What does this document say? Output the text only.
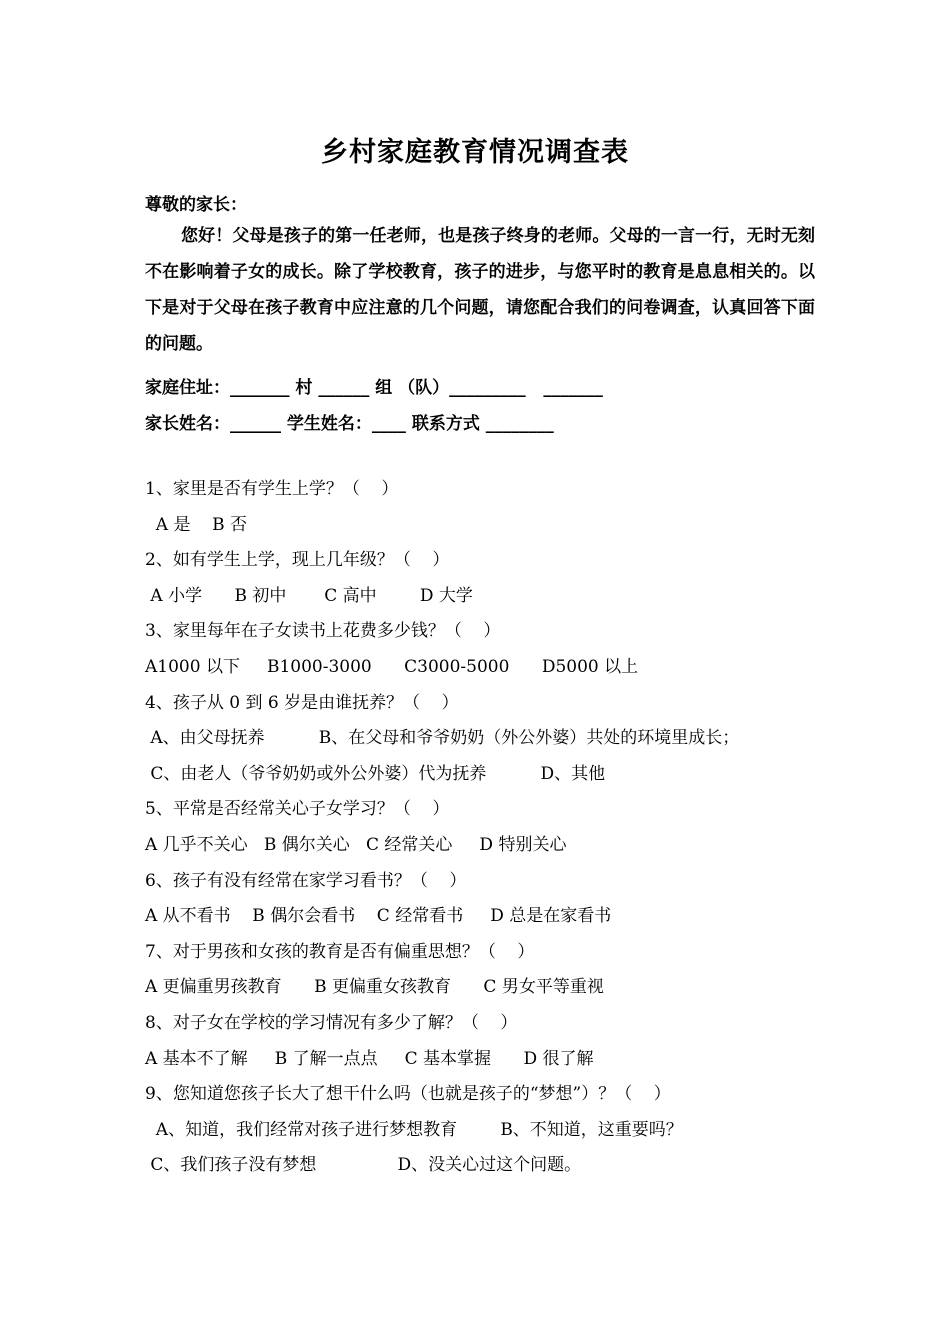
乡村家庭教育情况调查表
尊敬的家长：
您好！父母是孩子的第一任老师，也是孩子终身的老师。父母的一言一行，无时无刻不在影响着子女的成长。除了学校教育，孩子的进步，与您平时的教育是息息相关的。以下是对于父母在孩子教育中应注意的几个问题，请您配合我们的问卷调查，认真回答下面的问题。
家庭住址：_______ 村 ______ 组 （队）_________   _______
家长姓名：______ 学生姓名：____ 联系方式 ________
1、家里是否有学生上学？（    ）
A 是    B 否
2、如有学生上学，现上几年级？（    ）
A 小学      B 初中       C 高中        D 大学
3、家里每年在子女读书上花费多少钱？（    ）
A1000 以下     B1000-3000      C3000-5000      D5000 以上
4、孩子从 0 到 6 岁是由谁抚养？（    ）
A、由父母抚养          B、在父母和爷爷奶奶（外公外婆）共处的环境里成长；
C、由老人（爷爷奶奶或外公外婆）代为抚养          D、其他
5、平常是否经常关心子女学习？（    ）
A 几乎不关心   B 偶尔关心   C 经常关心     D 特别关心
6、孩子有没有经常在家学习看书？（    ）
A 从不看书    B 偶尔会看书    C 经常看书     D 总是在家看书
7、对于男孩和女孩的教育是否有偏重思想？（    ）
A 更偏重男孩教育      B 更偏重女孩教育      C 男女平等重视
8、对子女在学校的学习情况有多少了解？（    ）
A 基本不了解     B 了解一点点     C 基本掌握      D 很了解
9、您知道您孩子长大了想干什么吗（也就是孩子的“梦想”）？（    ）
A、知道，我们经常对孩子进行梦想教育        B、不知道，这重要吗？
C、我们孩子没有梦想               D、没关心过这个问题。
